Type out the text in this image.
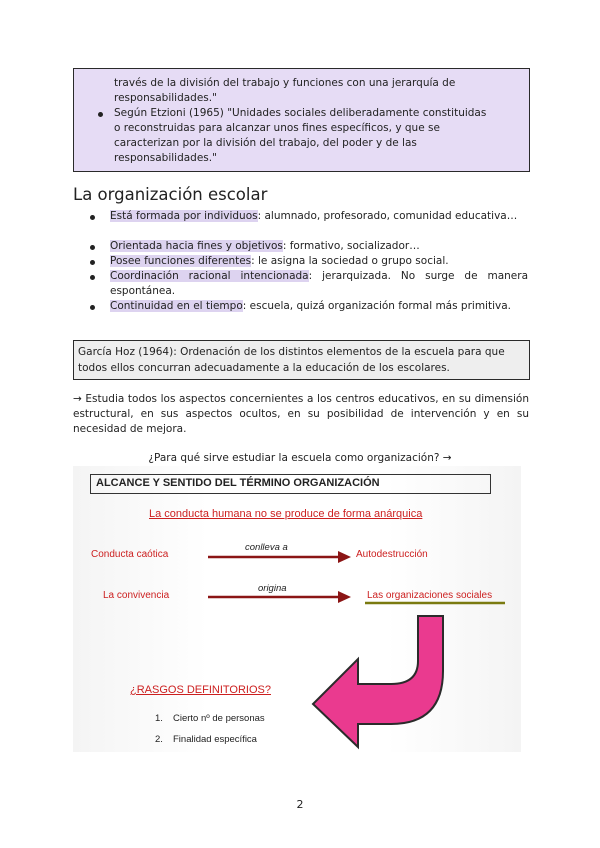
través de la división del trabajo y funciones con una jerarquía de
responsabilidades."
Según Etzioni (1965) "Unidades sociales deliberadamente constituidas
o reconstruidas para alcanzar unos fines específicos, y que se
caracterizan por la división del trabajo, del poder y de las
responsabilidades."
La organización escolar
Está formada por individuos: alumnado, profesorado, comunidad educativa…
Orientada hacia fines y objetivos: formativo, socializador…
Posee funciones diferentes: le asigna la sociedad o grupo social.
Coordinación racional intencionada: jerarquizada. No surge de manera espontánea.
Continuidad en el tiempo: escuela, quizá organización formal más primitiva.
García Hoz (1964): Ordenación de los distintos elementos de la escuela para que todos ellos concurran adecuadamente a la educación de los escolares.
→ Estudia todos los aspectos concernientes a los centros educativos, en su dimensión estructural, en sus aspectos ocultos, en su posibilidad de intervención y en su necesidad de mejora.
¿Para qué sirve estudiar la escuela como organización? →
ALCANCE Y SENTIDO DEL TÉRMINO ORGANIZACIÓN
La conducta humana no se produce de forma anárquica
Conducta caótica
conlleva a
Autodestrucción
La convivencia
origina
Las organizaciones sociales
¿RASGOS DEFINITORIOS?
1. Cierto nº de personas
2. Finalidad específica
2
